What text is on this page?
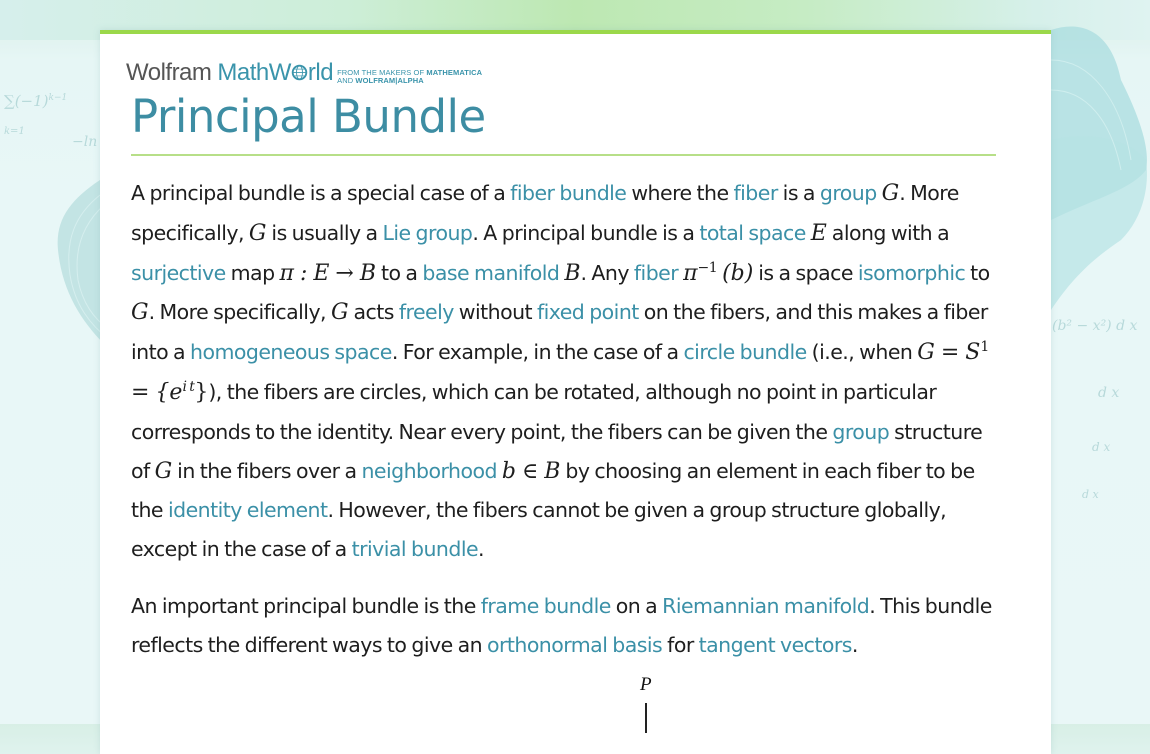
$\sum(-1)^{k-1}$
k=1
−ln
(b² − x²) d x
d x
d x
d x
Wolfram MathW rld FROM THE MAKERS OF MATHEMATICA
AND WOLFRAM|ALPHA
Principal Bundle

A principal bundle is a special case of a fiber bundle where the fiber is a group G. More specifically, G is usually a Lie group. A principal bundle is a total space E along with a surjective map π : E → B to a base manifold B. Any fiber $\pi^{-1}$ (b) is a space isomorphic to G. More specifically, G acts freely without fixed point on the fibers, and this makes a fiber into a homogeneous space. For example, in the case of a circle bundle (i.e., when $G = S^1 = \{e^{i t}\}$), the fibers are circles, which can be rotated, although no point in particular corresponds to the identity. Near every point, the fibers can be given the group structure of G in the fibers over a neighborhood b ∈ B by choosing an element in each fiber to be the identity element. However, the fibers cannot be given a group structure globally, except in the case of a trivial bundle.

An important principal bundle is the frame bundle on a Riemannian manifold. This bundle reflects the different ways to give an orthonormal basis for tangent vectors.

P
